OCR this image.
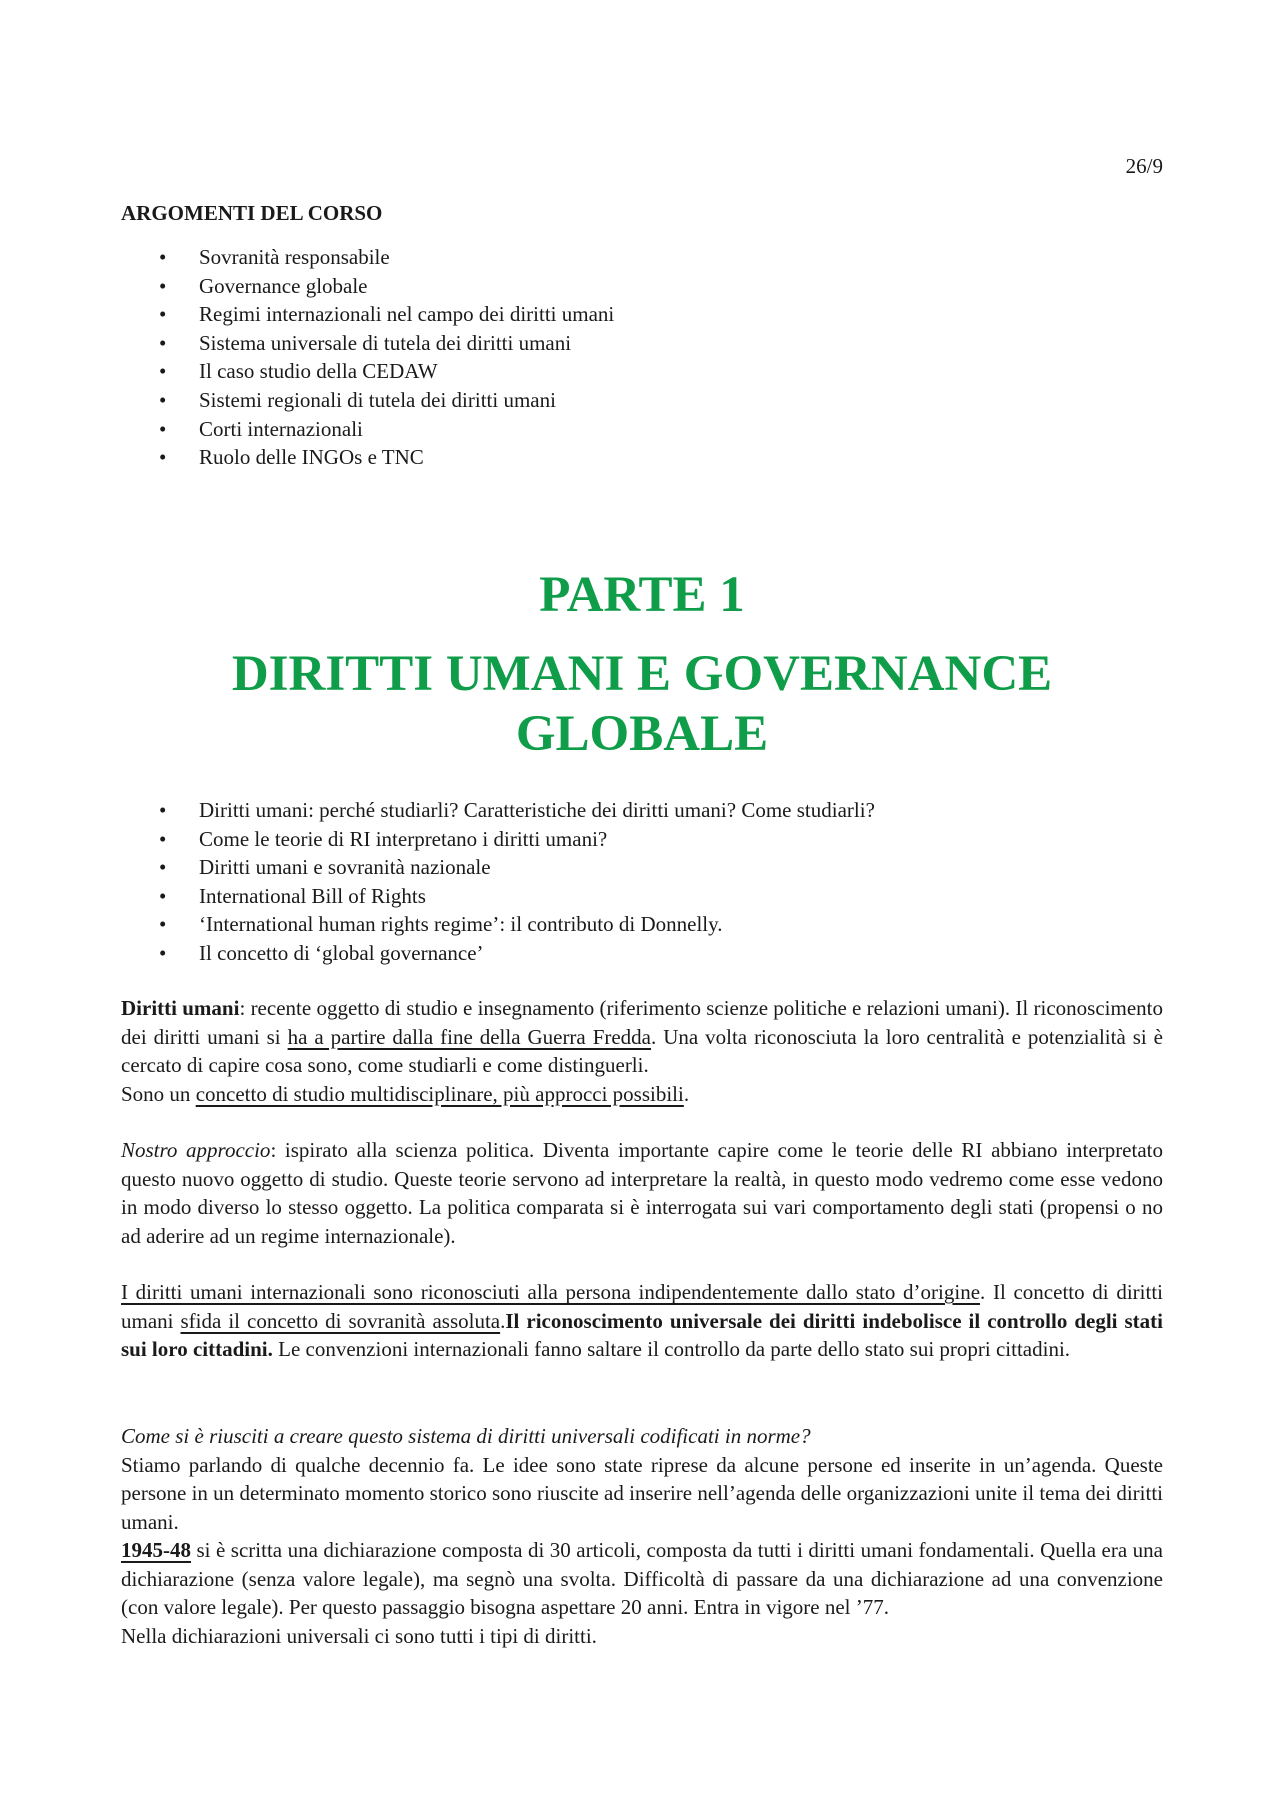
26/9
ARGOMENTI DEL CORSO
• Sovranità responsabile
• Governance globale
• Regimi internazionali nel campo dei diritti umani
• Sistema universale di tutela dei diritti umani
• Il caso studio della CEDAW
• Sistemi regionali di tutela dei diritti umani
• Corti internazionali
• Ruolo delle INGOs e TNC
PARTE 1
DIRITTI UMANI E GOVERNANCE GLOBALE
• Diritti umani: perché studiarli? Caratteristiche dei diritti umani? Come studiarli?
• Come le teorie di RI interpretano i diritti umani?
• Diritti umani e sovranità nazionale
• International Bill of Rights
• ‘International human rights regime’: il contributo di Donnelly.
• Il concetto di ‘global governance’

Diritti umani: recente oggetto di studio e insegnamento (riferimento scienze politiche e relazioni umani). Il riconoscimento dei diritti umani si ha a partire dalla fine della Guerra Fredda. Una volta riconosciuta la loro centralità e potenzialità si è cercato di capire cosa sono, come studiarli e come distinguerli.
Sono un concetto di studio multidisciplinare, più approcci possibili.

Nostro approccio: ispirato alla scienza politica. Diventa importante capire come le teorie delle RI abbiano interpretato questo nuovo oggetto di studio. Queste teorie servono ad interpretare la realtà, in questo modo vedremo come esse vedono in modo diverso lo stesso oggetto. La politica comparata si è interrogata sui vari comportamento degli stati (propensi o no ad aderire ad un regime internazionale).

I diritti umani internazionali sono riconosciuti alla persona indipendentemente dallo stato d’origine. Il concetto di diritti umani sfida il concetto di sovranità assoluta.Il riconoscimento universale dei diritti indebolisce il controllo degli stati sui loro cittadini. Le convenzioni internazionali fanno saltare il controllo da parte dello stato sui propri cittadini.

Come si è riusciti a creare questo sistema di diritti universali codificati in norme?
Stiamo parlando di qualche decennio fa. Le idee sono state riprese da alcune persone ed inserite in un’agenda. Queste persone in un determinato momento storico sono riuscite ad inserire nell’agenda delle organizzazioni unite il tema dei diritti umani.
1945-48 si è scritta una dichiarazione composta di 30 articoli, composta da tutti i diritti umani fondamentali. Quella era una dichiarazione (senza valore legale), ma segnò una svolta. Difficoltà di passare da una dichiarazione ad una convenzione (con valore legale). Per questo passaggio bisogna aspettare 20 anni. Entra in vigore nel ’77.
Nella dichiarazioni universali ci sono tutti i tipi di diritti.
